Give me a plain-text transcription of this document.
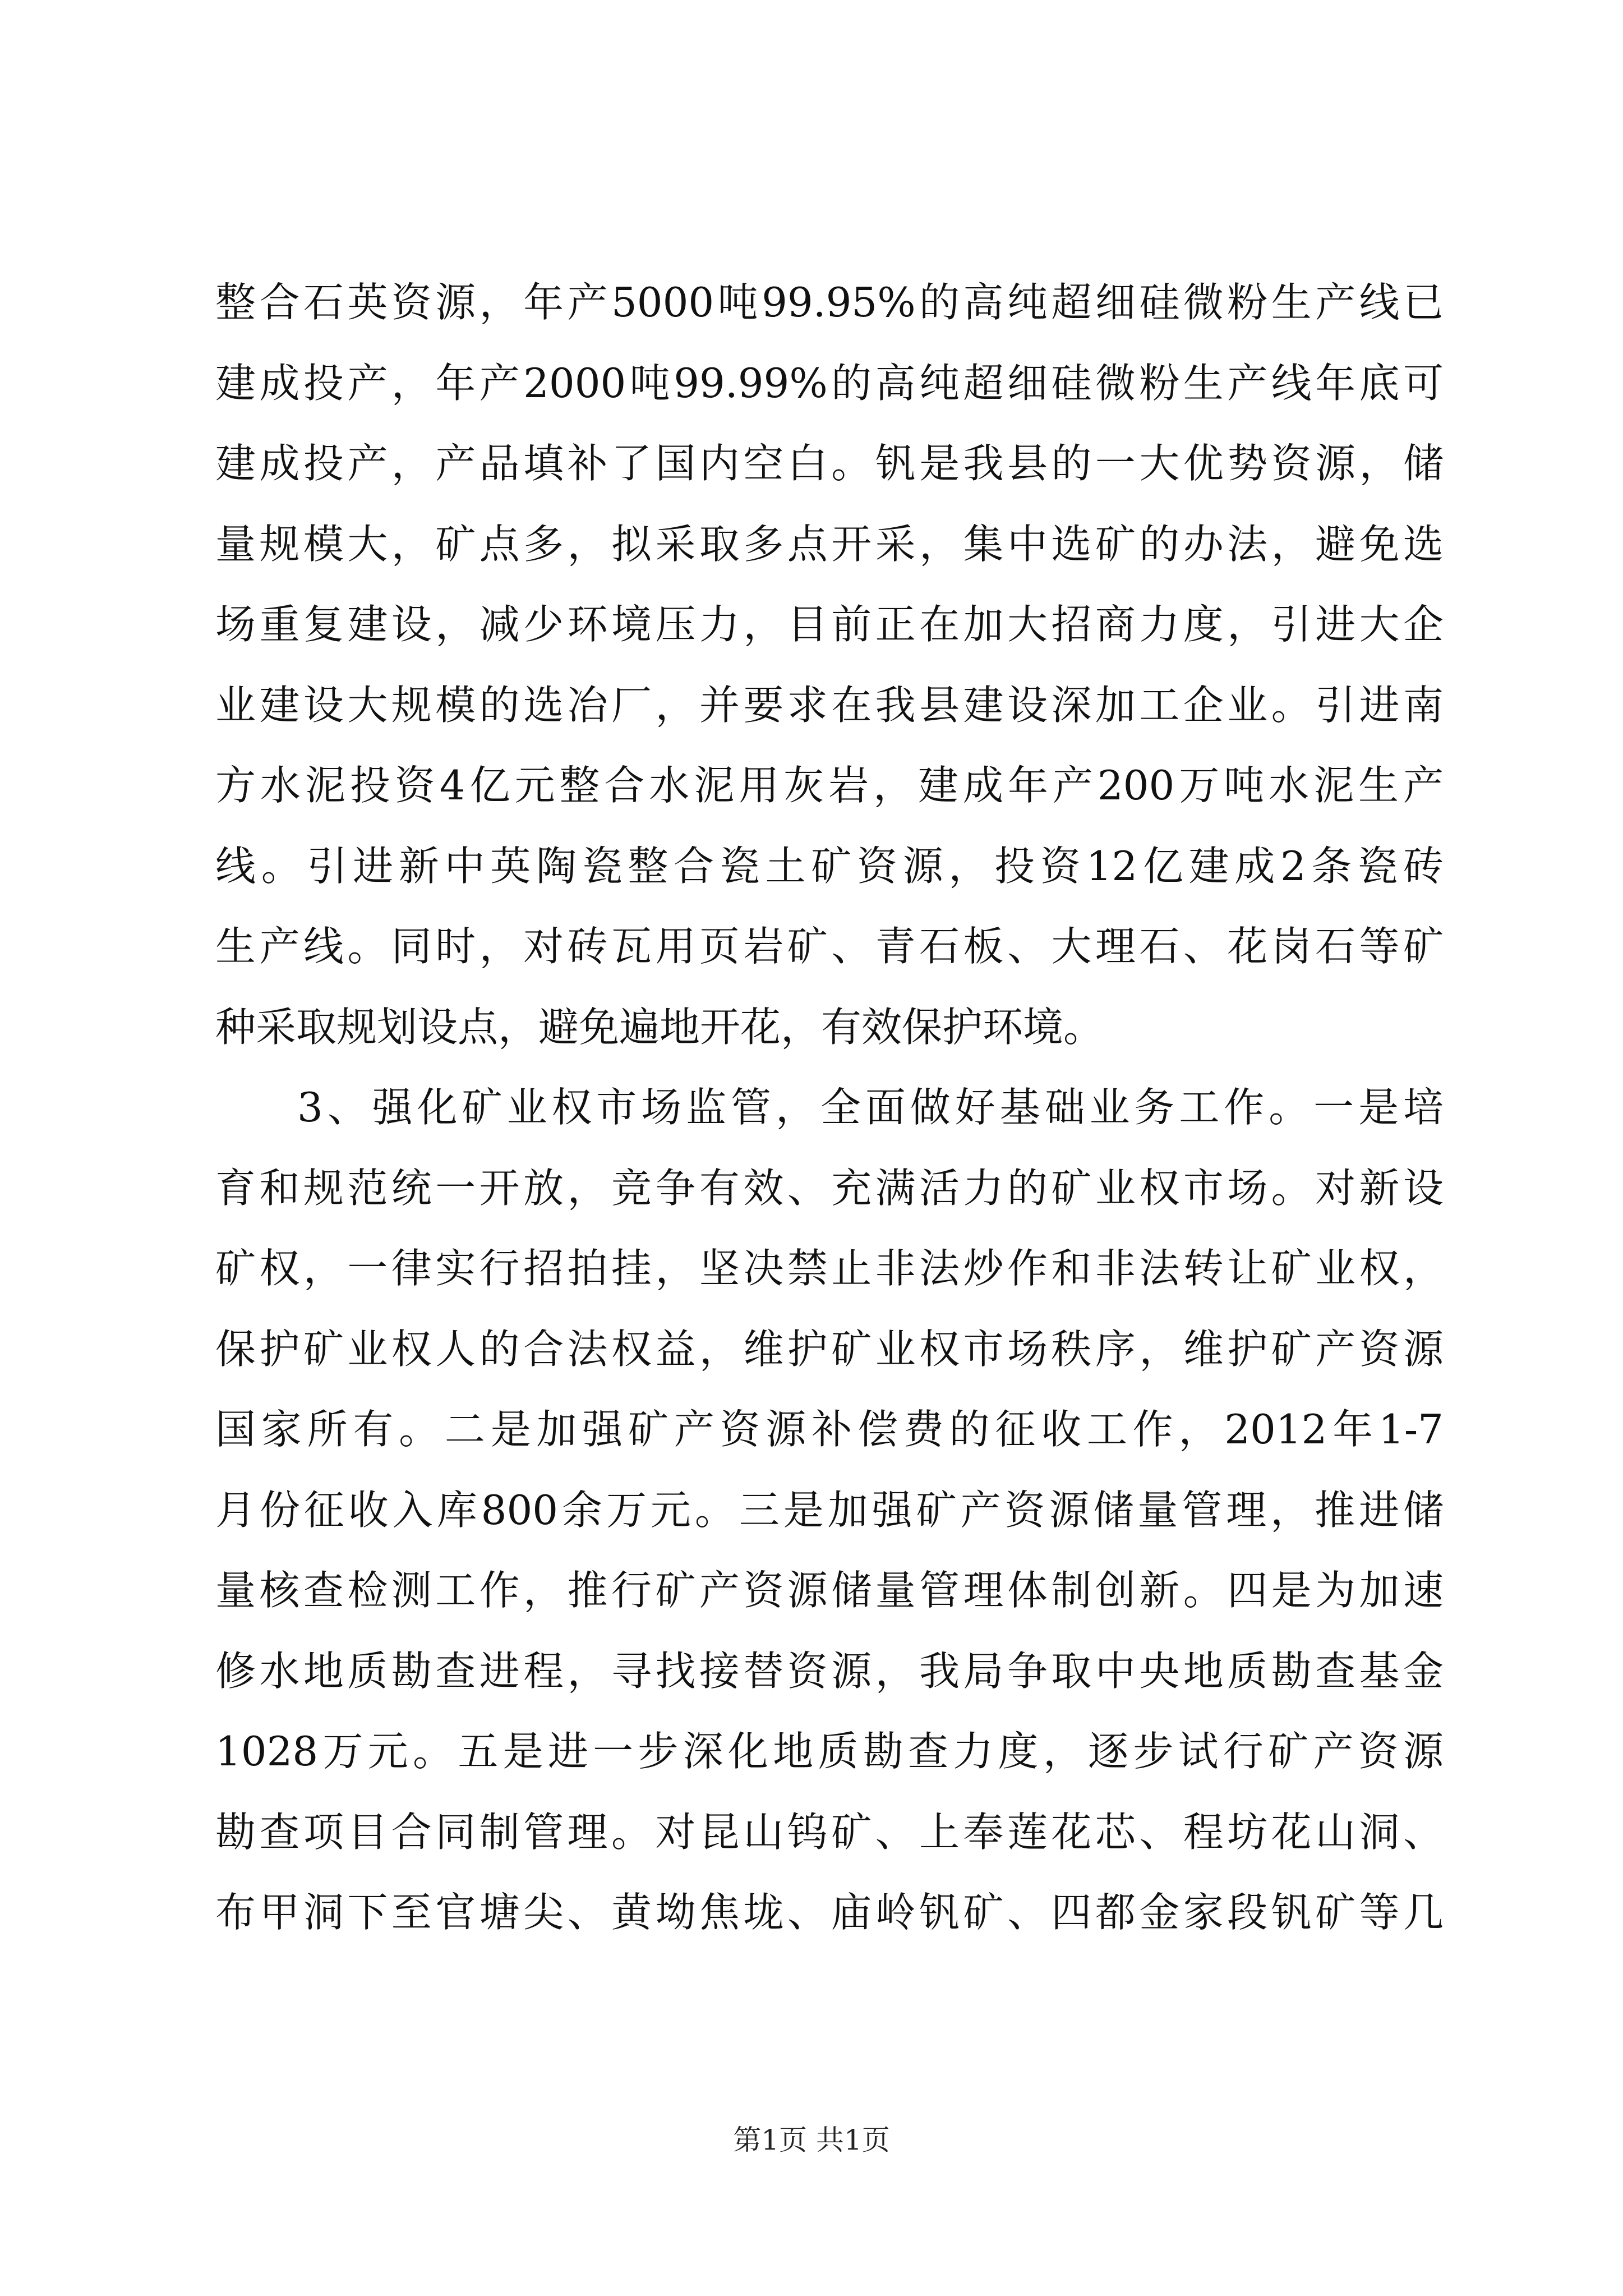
整合石英资源，年产5000吨99.95%的高纯超细硅微粉生产线已
建成投产，年产2000吨99.99%的高纯超细硅微粉生产线年底可
建成投产，产品填补了国内空白。钒是我县的一大优势资源，储
量规模大，矿点多，拟采取多点开采，集中选矿的办法，避免选
场重复建设，减少环境压力，目前正在加大招商力度，引进大企
业建设大规模的选冶厂，并要求在我县建设深加工企业。引进南
方水泥投资4亿元整合水泥用灰岩，建成年产200万吨水泥生产
线。引进新中英陶瓷整合瓷土矿资源，投资12亿建成2条瓷砖
生产线。同时，对砖瓦用页岩矿、青石板、大理石、花岗石等矿
种采取规划设点，避免遍地开花，有效保护环境。
3、强化矿业权市场监管，全面做好基础业务工作。一是培
育和规范统一开放，竞争有效、充满活力的矿业权市场。对新设
矿权，一律实行招拍挂，坚决禁止非法炒作和非法转让矿业权，
保护矿业权人的合法权益，维护矿业权市场秩序，维护矿产资源
国家所有。二是加强矿产资源补偿费的征收工作，2012年1-7
月份征收入库800余万元。三是加强矿产资源储量管理，推进储
量核查检测工作，推行矿产资源储量管理体制创新。四是为加速
修水地质勘查进程，寻找接替资源，我局争取中央地质勘查基金
1028万元。五是进一步深化地质勘查力度，逐步试行矿产资源
勘查项目合同制管理。对昆山钨矿、上奉莲花芯、程坊花山洞、
布甲洞下至官塘尖、黄坳焦垅、庙岭钒矿、四都金家段钒矿等几
第1页 共1页
